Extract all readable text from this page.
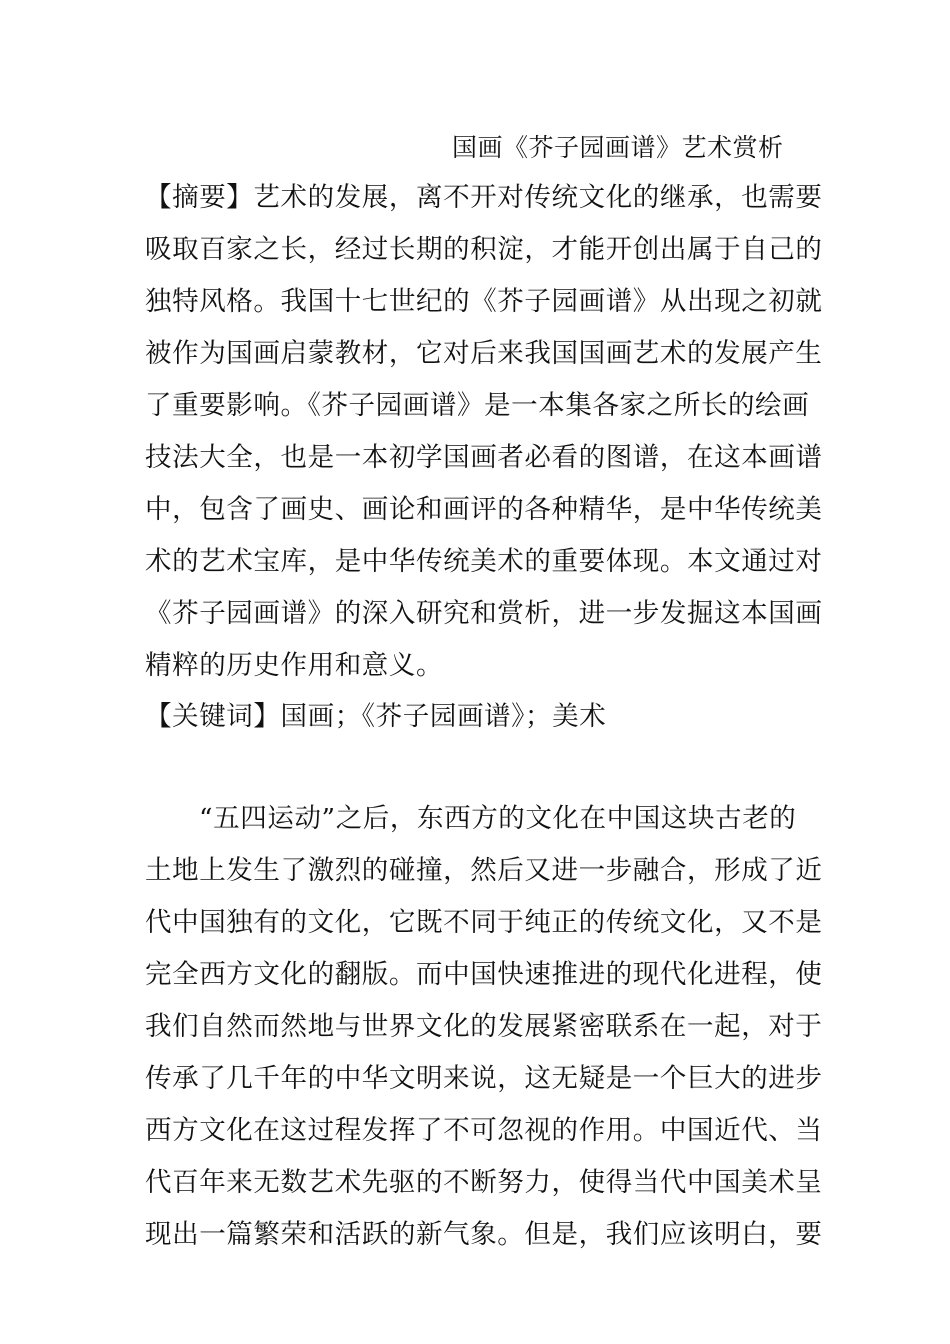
国画《芥子园画谱》艺术赏析
【摘要】艺术的发展，离不开对传统文化的继承，也需要
吸取百家之长，经过长期的积淀，才能开创出属于自己的
独特风格。我国十七世纪的《芥子园画谱》从出现之初就
被作为国画启蒙教材，它对后来我国国画艺术的发展产生
了重要影响。《芥子园画谱》是一本集各家之所长的绘画
技法大全，也是一本初学国画者必看的图谱，在这本画谱
中，包含了画史、画论和画评的各种精华，是中华传统美
术的艺术宝库，是中华传统美术的重要体现。本文通过对
《芥子园画谱》的深入研究和赏析，进一步发掘这本国画
精粹的历史作用和意义。
【关键词】国画；《芥子园画谱》；美术
“五四运动”之后，东西方的文化在中国这块古老的
土地上发生了激烈的碰撞，然后又进一步融合，形成了近
代中国独有的文化，它既不同于纯正的传统文化，又不是
完全西方文化的翻版。而中国快速推进的现代化进程，使
我们自然而然地与世界文化的发展紧密联系在一起，对于
传承了几千年的中华文明来说，这无疑是一个巨大的进步
西方文化在这过程发挥了不可忽视的作用。中国近代、当
代百年来无数艺术先驱的不断努力，使得当代中国美术呈
现出一篇繁荣和活跃的新气象。但是，我们应该明白，要
